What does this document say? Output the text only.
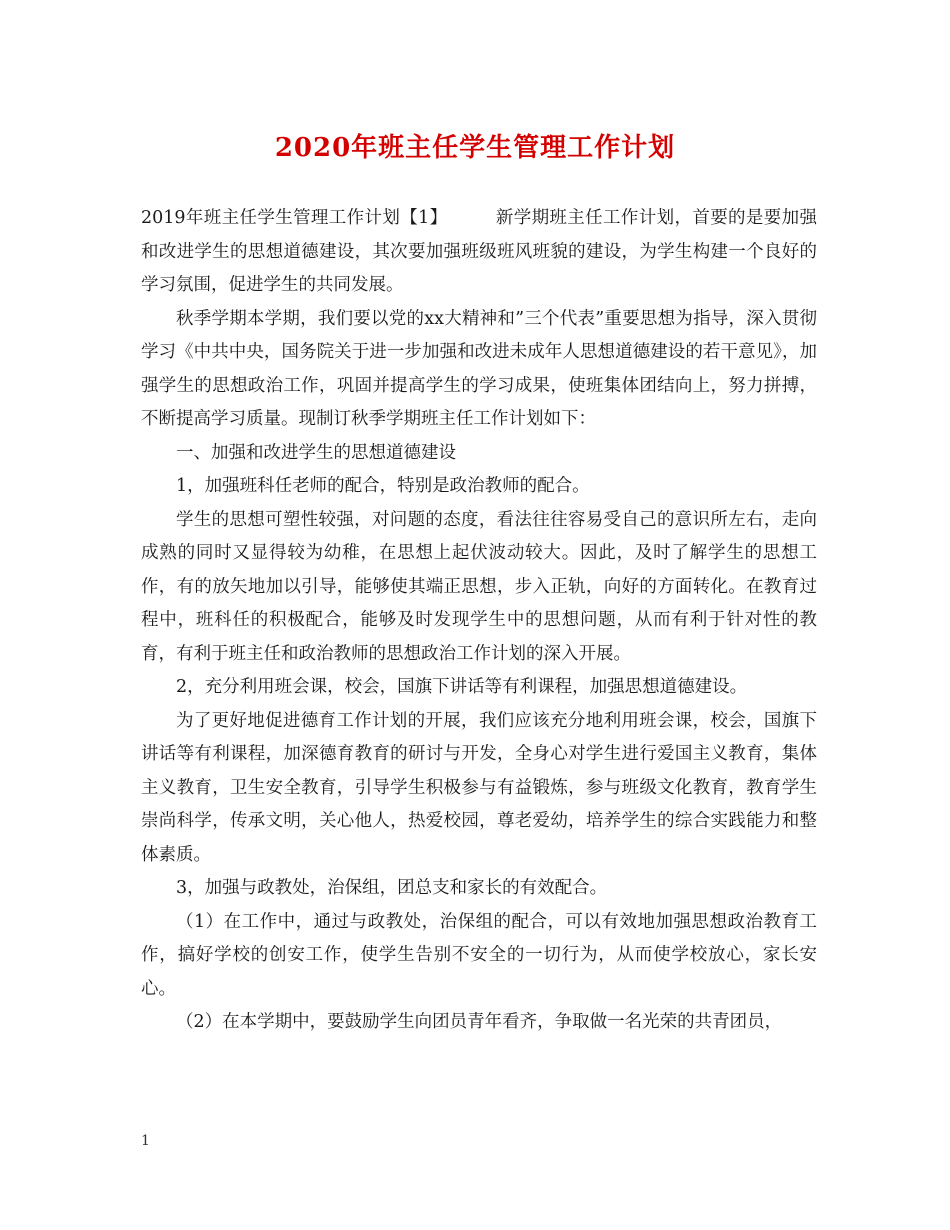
2020年班主任学生管理工作计划

2019年班主任学生管理工作计划【1】	新学期班主任工作计划，首要的是要加强和改进学生的思想道德建设，其次要加强班级班风班貌的建设，为学生构建一个良好的学习氛围，促进学生的共同发展。

秋季学期本学期，我们要以党的xx大精神和”三个代表”重要思想为指导，深入贯彻学习《中共中央，国务院关于进一步加强和改进未成年人思想道德建设的若干意见》，加强学生的思想政治工作，巩固并提高学生的学习成果，使班集体团结向上，努力拼搏，不断提高学习质量。现制订秋季学期班主任工作计划如下：

一、加强和改进学生的思想道德建设

1，加强班科任老师的配合，特别是政治教师的配合。

学生的思想可塑性较强，对问题的态度，看法往往容易受自己的意识所左右，走向成熟的同时又显得较为幼稚，在思想上起伏波动较大。因此，及时了解学生的思想工作，有的放矢地加以引导，能够使其端正思想，步入正轨，向好的方面转化。在教育过程中，班科任的积极配合，能够及时发现学生中的思想问题，从而有利于针对性的教育，有利于班主任和政治教师的思想政治工作计划的深入开展。

2，充分利用班会课，校会，国旗下讲话等有利课程，加强思想道德建设。

为了更好地促进德育工作计划的开展，我们应该充分地利用班会课，校会，国旗下讲话等有利课程，加深德育教育的研讨与开发，全身心对学生进行爱国主义教育，集体主义教育，卫生安全教育，引导学生积极参与有益锻炼，参与班级文化教育，教育学生崇尚科学，传承文明，关心他人，热爱校园，尊老爱幼，培养学生的综合实践能力和整体素质。

3，加强与政教处，治保组，团总支和家长的有效配合。

（1）在工作中，通过与政教处，治保组的配合，可以有效地加强思想政治教育工作，搞好学校的创安工作，使学生告别不安全的一切行为，从而使学校放心，家长安心。

（2）在本学期中，要鼓励学生向团员青年看齐，争取做一名光荣的共青团员，

1
